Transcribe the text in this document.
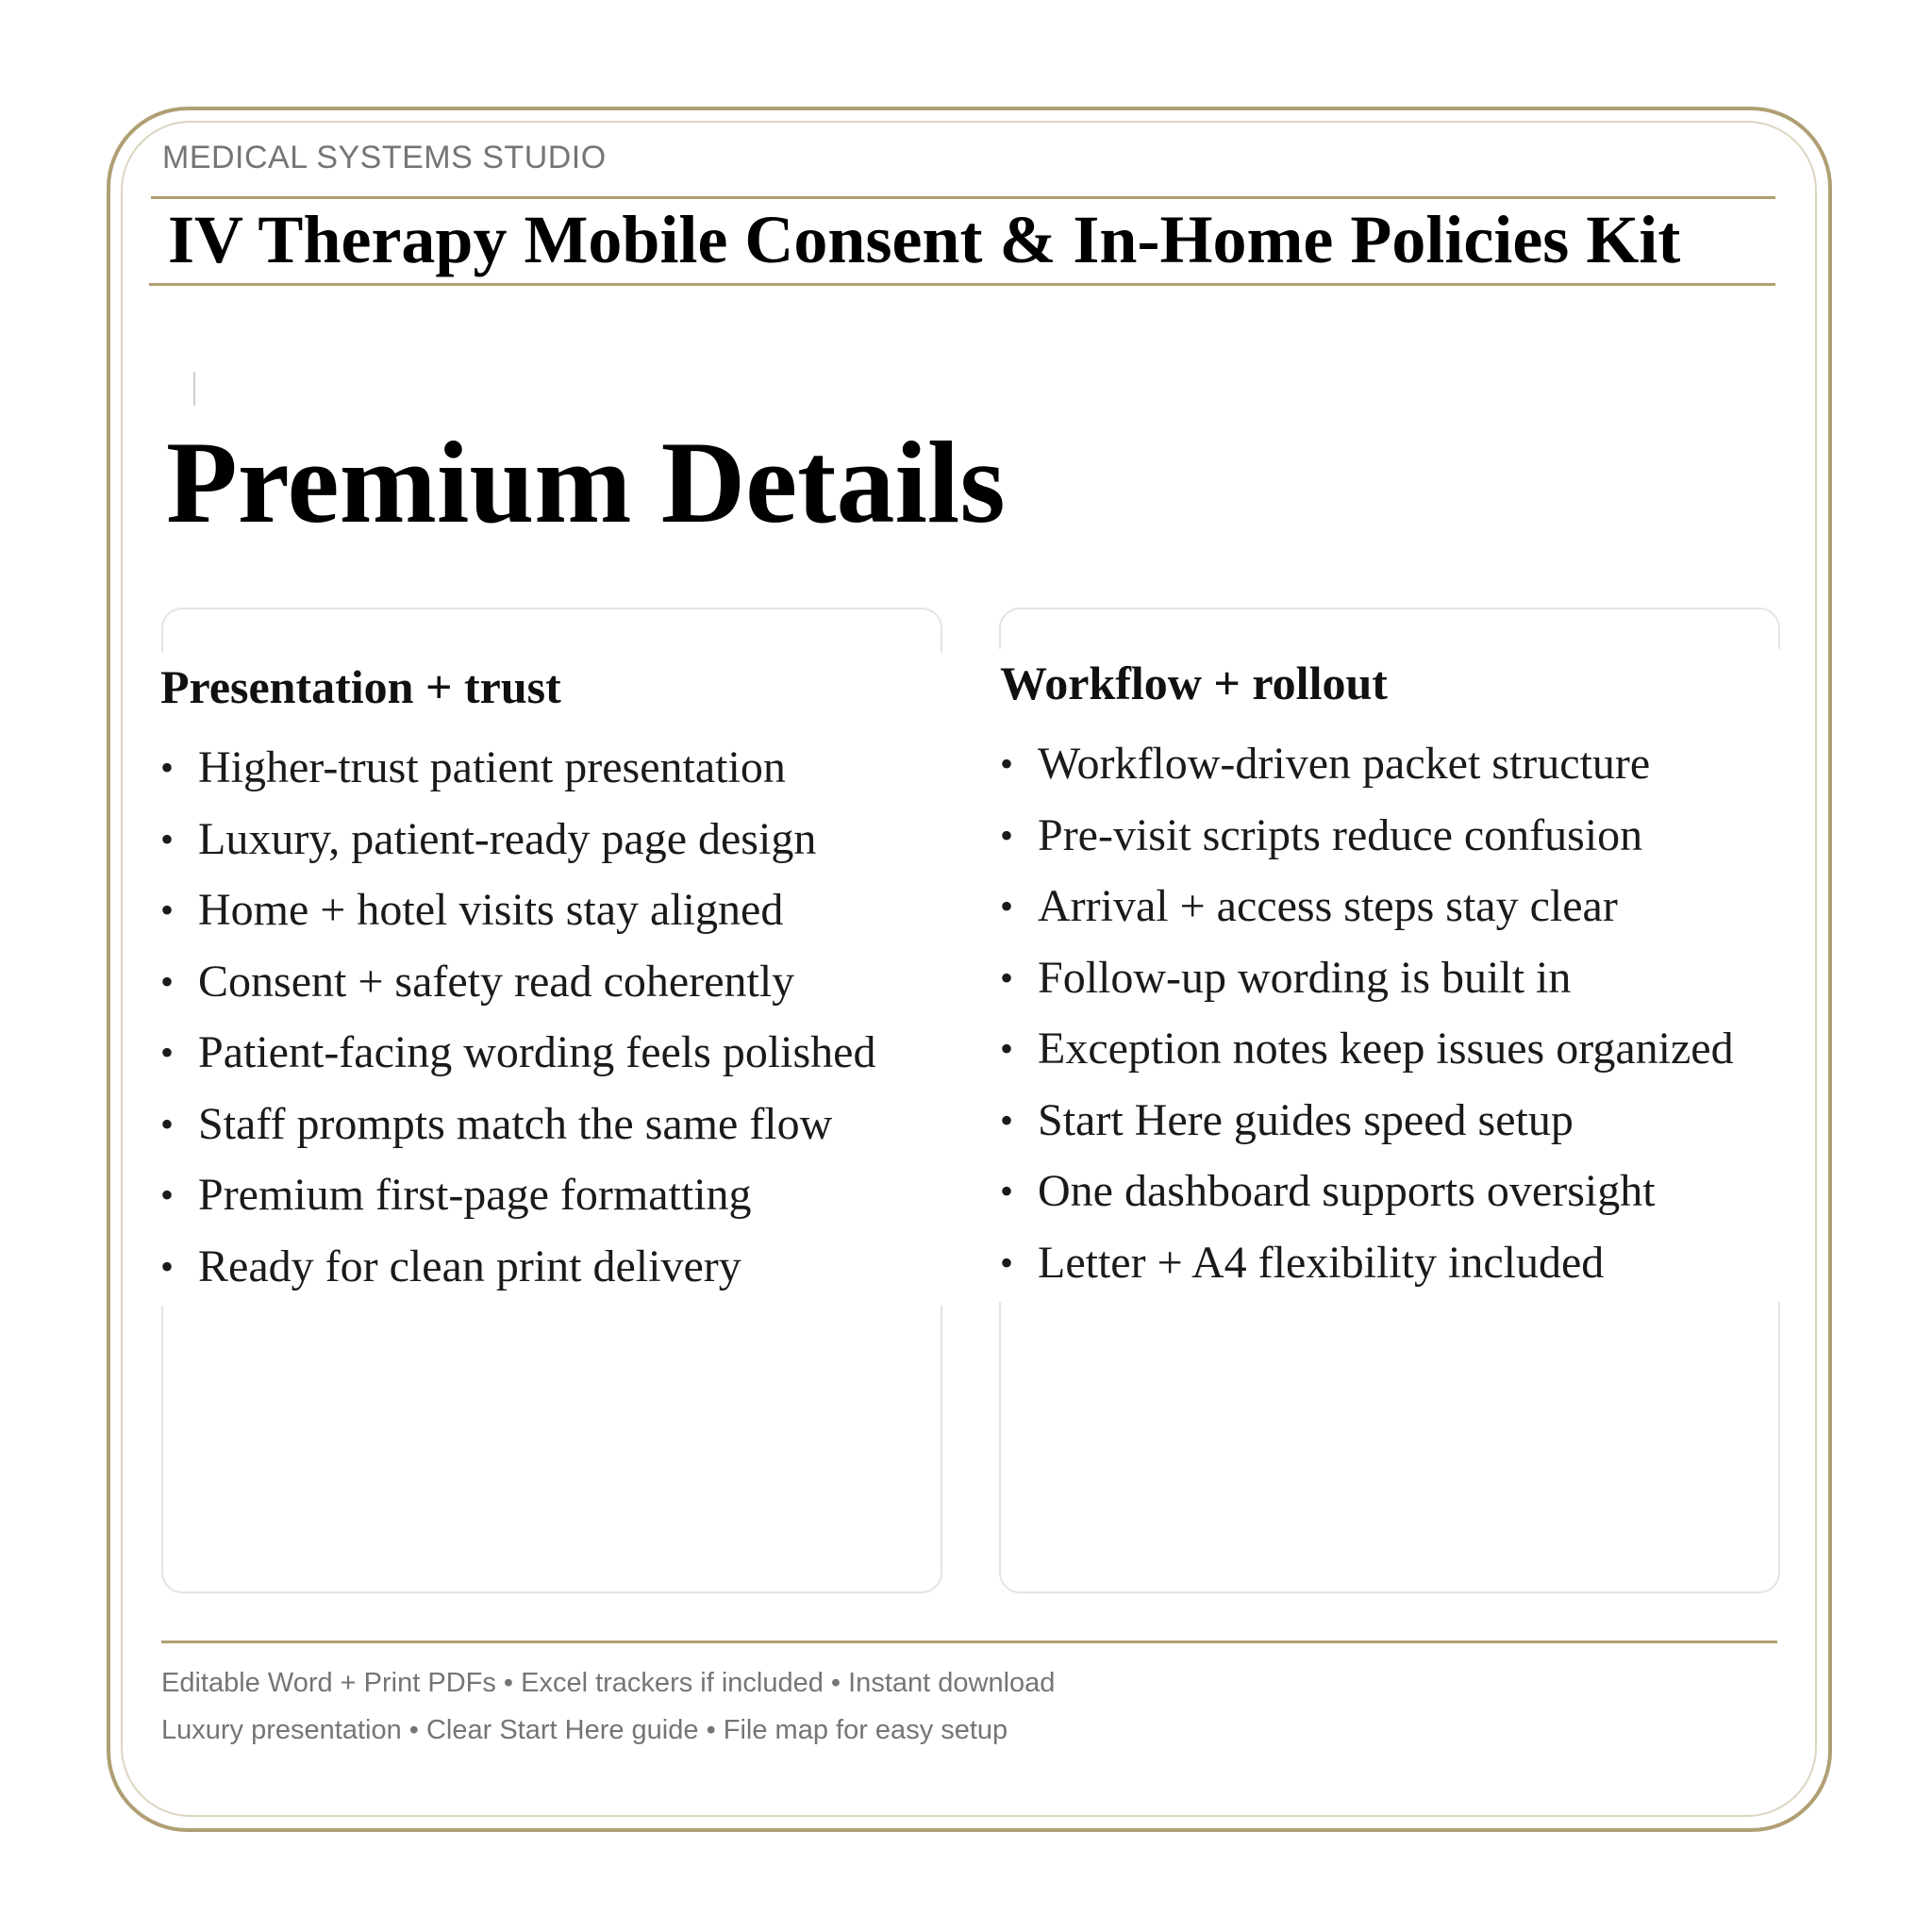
MEDICAL SYSTEMS STUDIO
IV Therapy Mobile Consent & In-Home Policies Kit
Premium Details
Presentation + trust
• Higher-trust patient presentation
• Luxury, patient-ready page design
• Home + hotel visits stay aligned
• Consent + safety read coherently
• Patient-facing wording feels polished
• Staff prompts match the same flow
• Premium first-page formatting
• Ready for clean print delivery
Workflow + rollout
• Workflow-driven packet structure
• Pre-visit scripts reduce confusion
• Arrival + access steps stay clear
• Follow-up wording is built in
• Exception notes keep issues organized
• Start Here guides speed setup
• One dashboard supports oversight
• Letter + A4 flexibility included
Editable Word + Print PDFs • Excel trackers if included • Instant download
Luxury presentation • Clear Start Here guide • File map for easy setup
